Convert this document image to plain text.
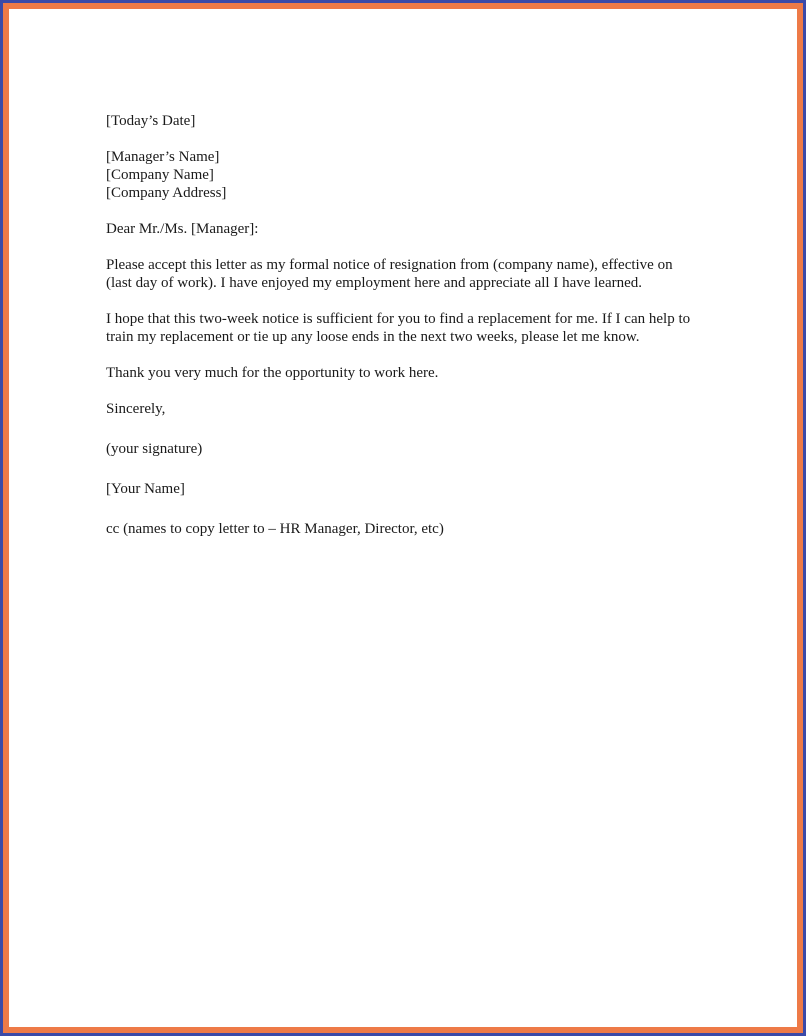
[Today’s Date]
[Manager’s Name]
[Company Name]
[Company Address]
Dear Mr./Ms. [Manager]:
Please accept this letter as my formal notice of resignation from (company name), effective on
(last day of work). I have enjoyed my employment here and appreciate all I have learned.
I hope that this two-week notice is sufficient for you to find a replacement for me. If I can help to
train my replacement or tie up any loose ends in the next two weeks, please let me know.
Thank you very much for the opportunity to work here.
Sincerely,
(your signature)
[Your Name]
cc (names to copy letter to – HR Manager, Director, etc)
